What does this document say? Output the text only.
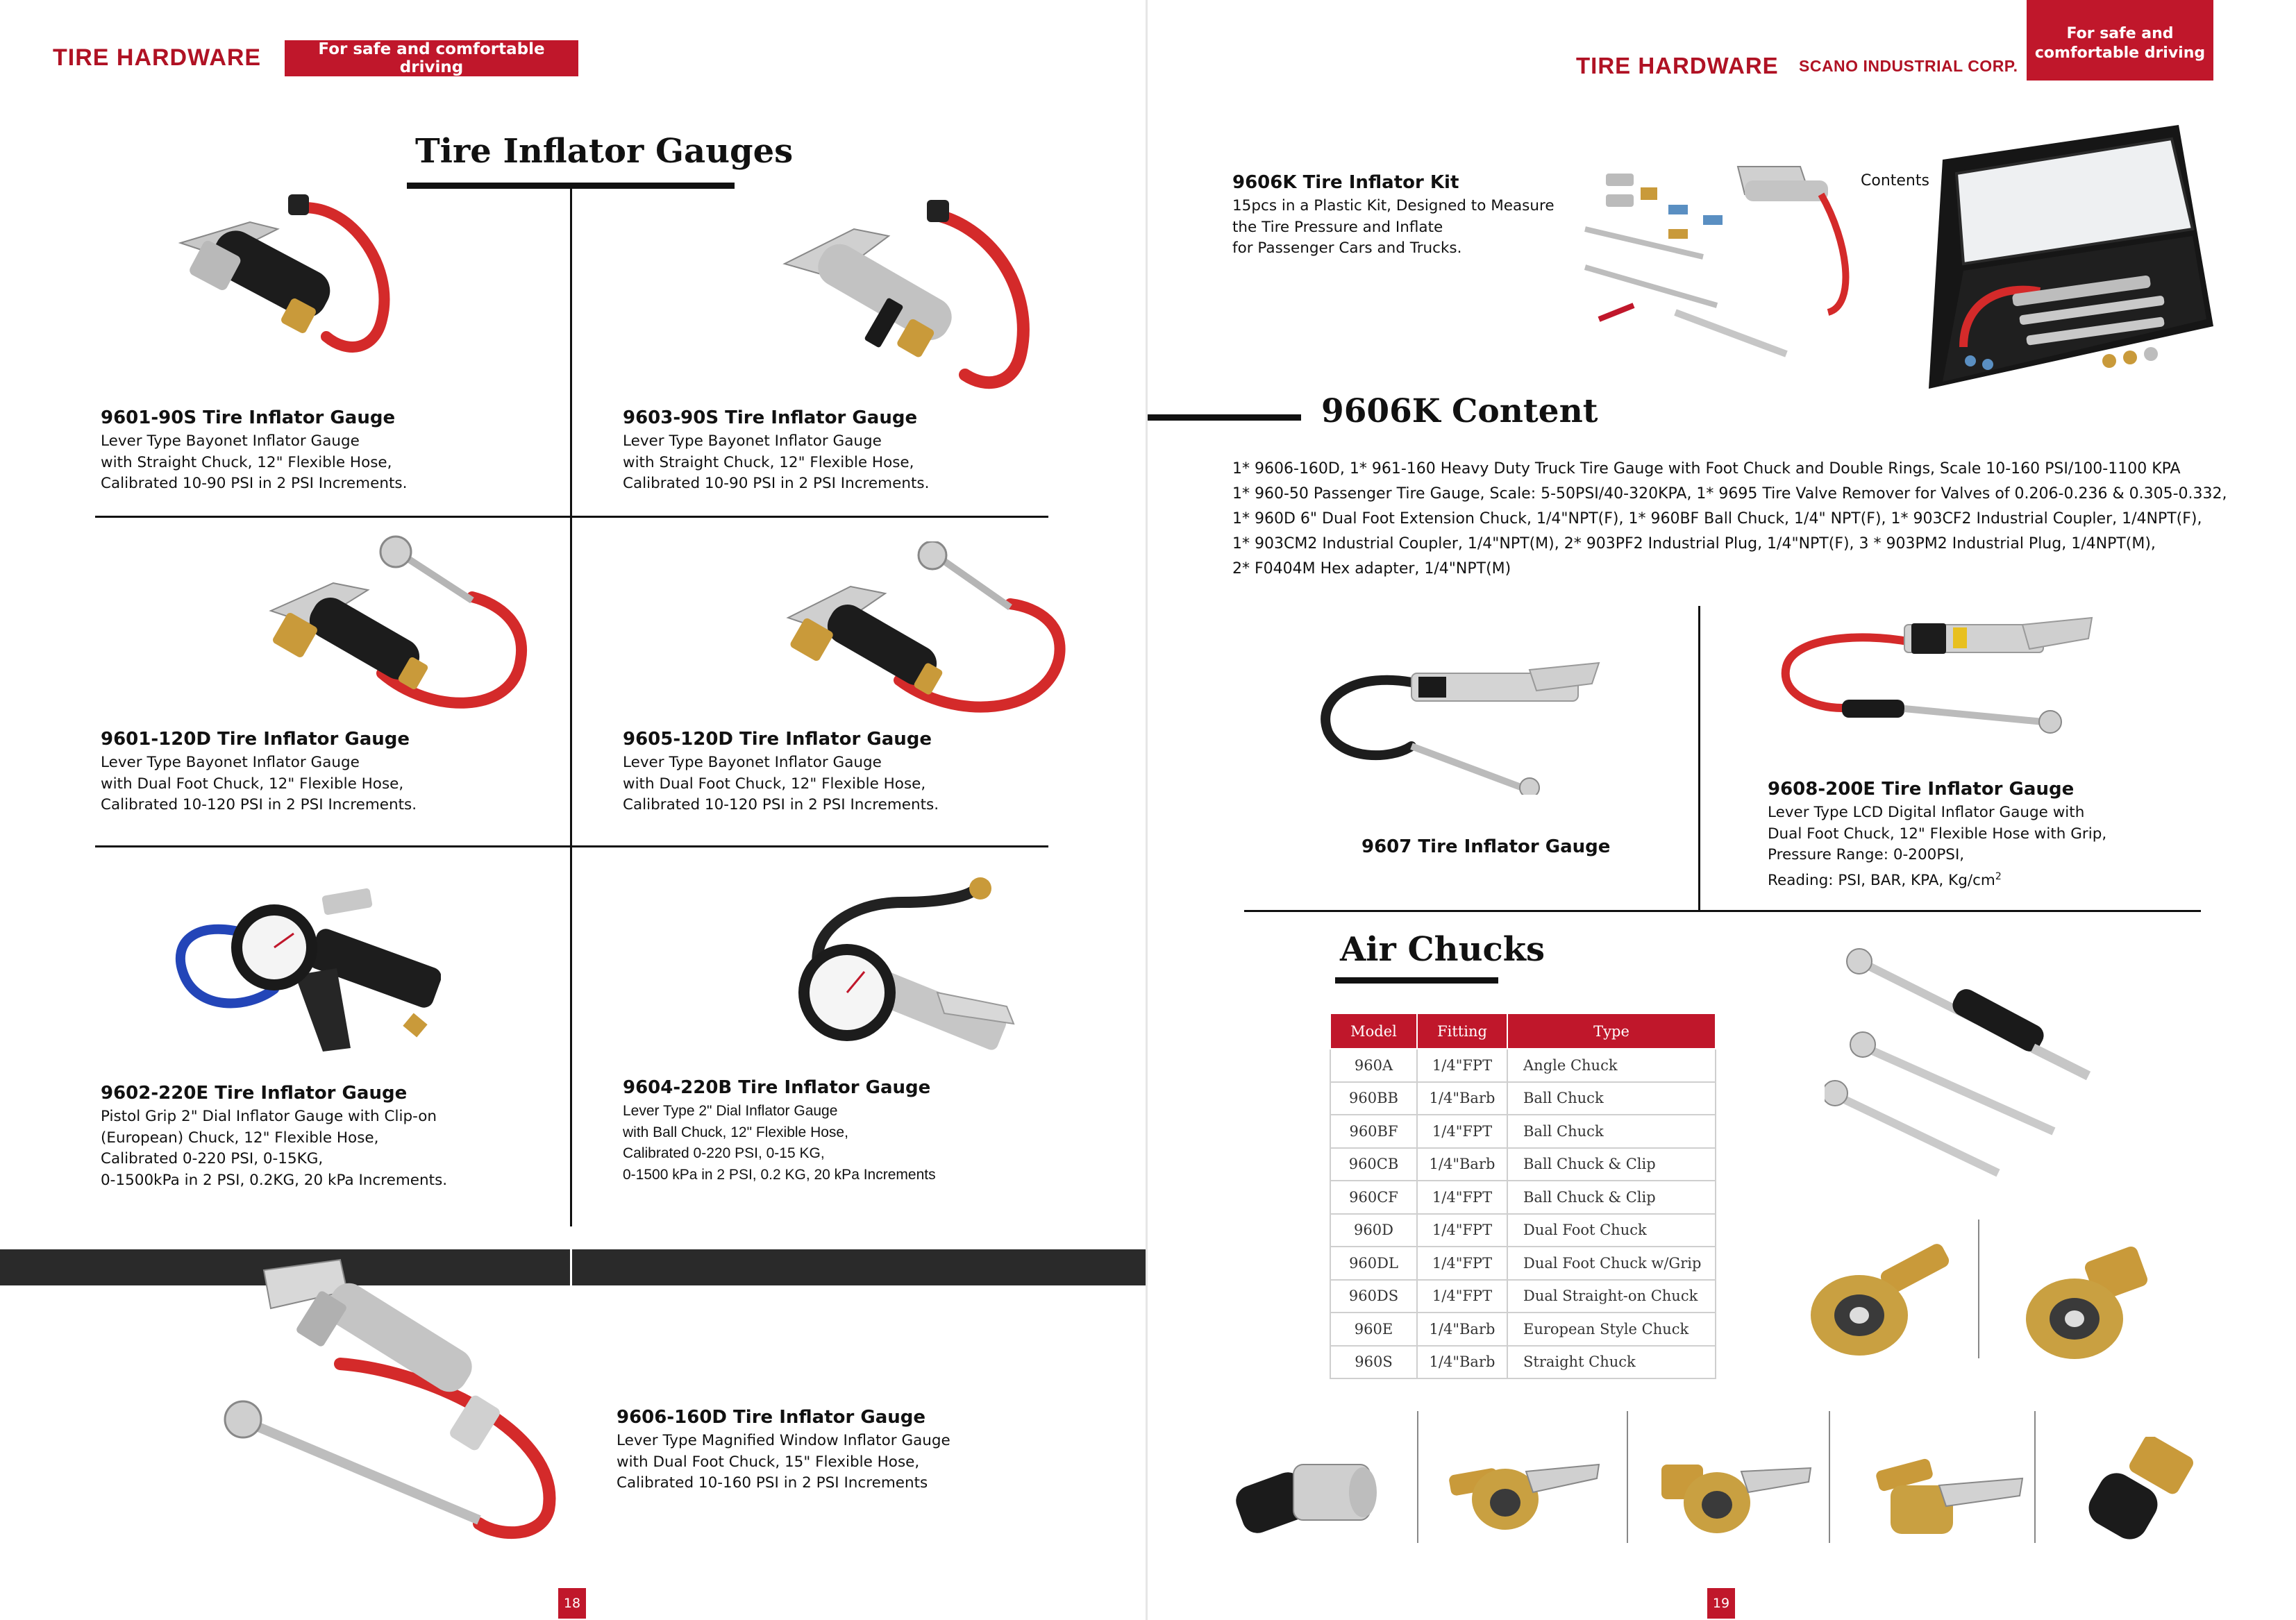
TIRE HARDWARE	For safe and comfortable driving
Tire Inflator Gauges
9601-90S Tire Inflator Gauge
Lever Type Bayonet Inflator Gauge
with Straight Chuck, 12" Flexible Hose,
Calibrated 10-90 PSI in 2 PSI Increments.
9603-90S Tire Inflator Gauge
Lever Type Bayonet Inflator Gauge
with Straight Chuck, 12" Flexible Hose,
Calibrated 10-90 PSI in 2 PSI Increments.
9601-120D Tire Inflator Gauge
Lever Type Bayonet Inflator Gauge
with Dual Foot Chuck, 12" Flexible Hose,
Calibrated 10-120 PSI in 2 PSI Increments.
9605-120D Tire Inflator Gauge
Lever Type Bayonet Inflator Gauge
with Dual Foot Chuck, 12" Flexible Hose,
Calibrated 10-120 PSI in 2 PSI Increments.
9602-220E Tire Inflator Gauge
Pistol Grip 2" Dial Inflator Gauge with Clip-on
(European) Chuck, 12" Flexible Hose,
Calibrated 0-220 PSI, 0-15KG,
0-1500kPa in 2 PSI, 0.2KG, 20 kPa Increments.
9604-220B Tire Inflator Gauge
Lever Type 2" Dial Inflator Gauge
with Ball Chuck, 12" Flexible Hose,
Calibrated 0-220 PSI, 0-15 KG,
0-1500 kPa in 2 PSI, 0.2 KG, 20 kPa Increments
9606-160D Tire Inflator Gauge
Lever Type Magnified Window Inflator Gauge
with Dual Foot Chuck, 15" Flexible Hose,
Calibrated 10-160 PSI in 2 PSI Increments
18
TIRE HARDWARE SCANO INDUSTRIAL CORP.
For safe and
comfortable driving
9606K Tire Inflator Kit
15pcs in a Plastic Kit, Designed to Measure
the Tire Pressure and Inflate
for Passenger Cars and Trucks.
Contents
9606K Content
1* 9606-160D, 1* 961-160 Heavy Duty Truck Tire Gauge with Foot Chuck and Double Rings, Scale 10-160 PSI/100-1100 KPA
1* 960-50 Passenger Tire Gauge, Scale: 5-50PSI/40-320KPA, 1* 9695 Tire Valve Remover for Valves of 0.206-0.236 & 0.305-0.332,
1* 960D 6" Dual Foot Extension Chuck, 1/4"NPT(F), 1* 960BF Ball Chuck, 1/4" NPT(F), 1* 903CF2 Industrial Coupler, 1/4NPT(F),
1* 903CM2 Industrial Coupler, 1/4"NPT(M), 2* 903PF2 Industrial Plug, 1/4"NPT(F), 3 * 903PM2 Industrial Plug, 1/4NPT(M),
2* F0404M Hex adapter, 1/4"NPT(M)
9607 Tire Inflator Gauge
9608-200E Tire Inflator Gauge
Lever Type LCD Digital Inflator Gauge with
Dual Foot Chuck, 12" Flexible Hose with Grip,
Pressure Range: 0-200PSI,
Reading: PSI, BAR, KPA, $Kg/cm^2$
Air Chucks
Model	Fitting	Type
960A	1/4"FPT	Angle Chuck
960BB	1/4"Barb	Ball Chuck
960BF	1/4"FPT	Ball Chuck
960CB	1/4"Barb	Ball Chuck & Clip
960CF	1/4"FPT	Ball Chuck & Clip
960D	1/4"FPT	Dual Foot Chuck
960DL	1/4"FPT	Dual Foot Chuck w/Grip
960DS	1/4"FPT	Dual Straight-on Chuck
960E	1/4"Barb	European Style Chuck
960S	1/4"Barb	Straight Chuck
19
